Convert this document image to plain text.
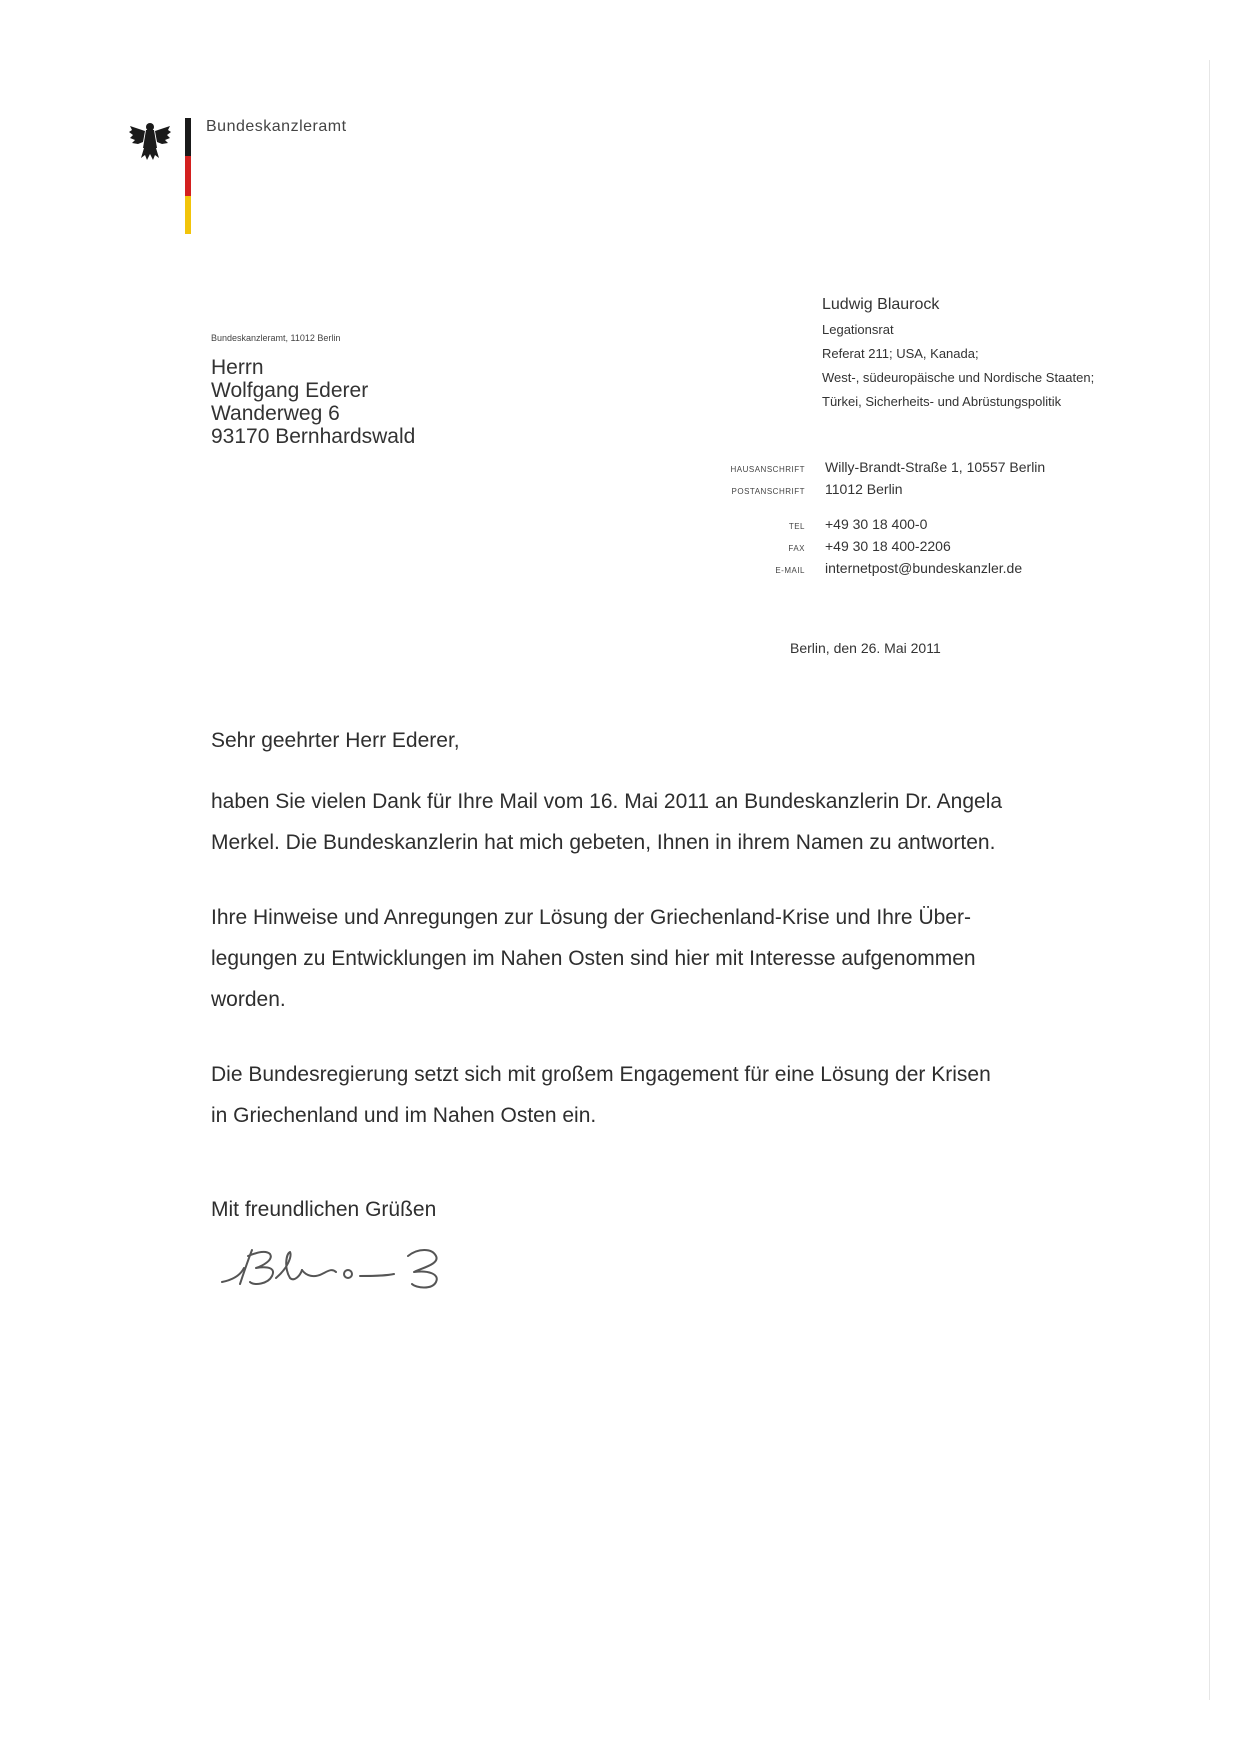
Bundeskanzleramt
Bundeskanzleramt, 11012 Berlin
Herrn
Wolfgang Ederer
Wanderweg 6
93170 Bernhardswald
Ludwig Blaurock
Legationsrat
Referat 211; USA, Kanada;
West-, südeuropäische und Nordische Staaten;
Türkei, Sicherheits- und Abrüstungspolitik
HAUSANSCHRIFT	Willy-Brandt-Straße 1, 10557 Berlin
POSTANSCHRIFT	11012 Berlin
TEL	+49 30 18 400-0
FAX	+49 30 18 400-2206
E-MAIL	internetpost@bundeskanzler.de
Berlin, den 26. Mai 2011
Sehr geehrter Herr Ederer,
haben Sie vielen Dank für Ihre Mail vom 16. Mai 2011 an Bundeskanzlerin Dr. Angela
Merkel. Die Bundeskanzlerin hat mich gebeten, Ihnen in ihrem Namen zu antworten.
Ihre Hinweise und Anregungen zur Lösung der Griechenland-Krise und Ihre Über-
legungen zu Entwicklungen im Nahen Osten sind hier mit Interesse aufgenommen
worden.
Die Bundesregierung setzt sich mit großem Engagement für eine Lösung der Krisen
in Griechenland und im Nahen Osten ein.
Mit freundlichen Grüßen
